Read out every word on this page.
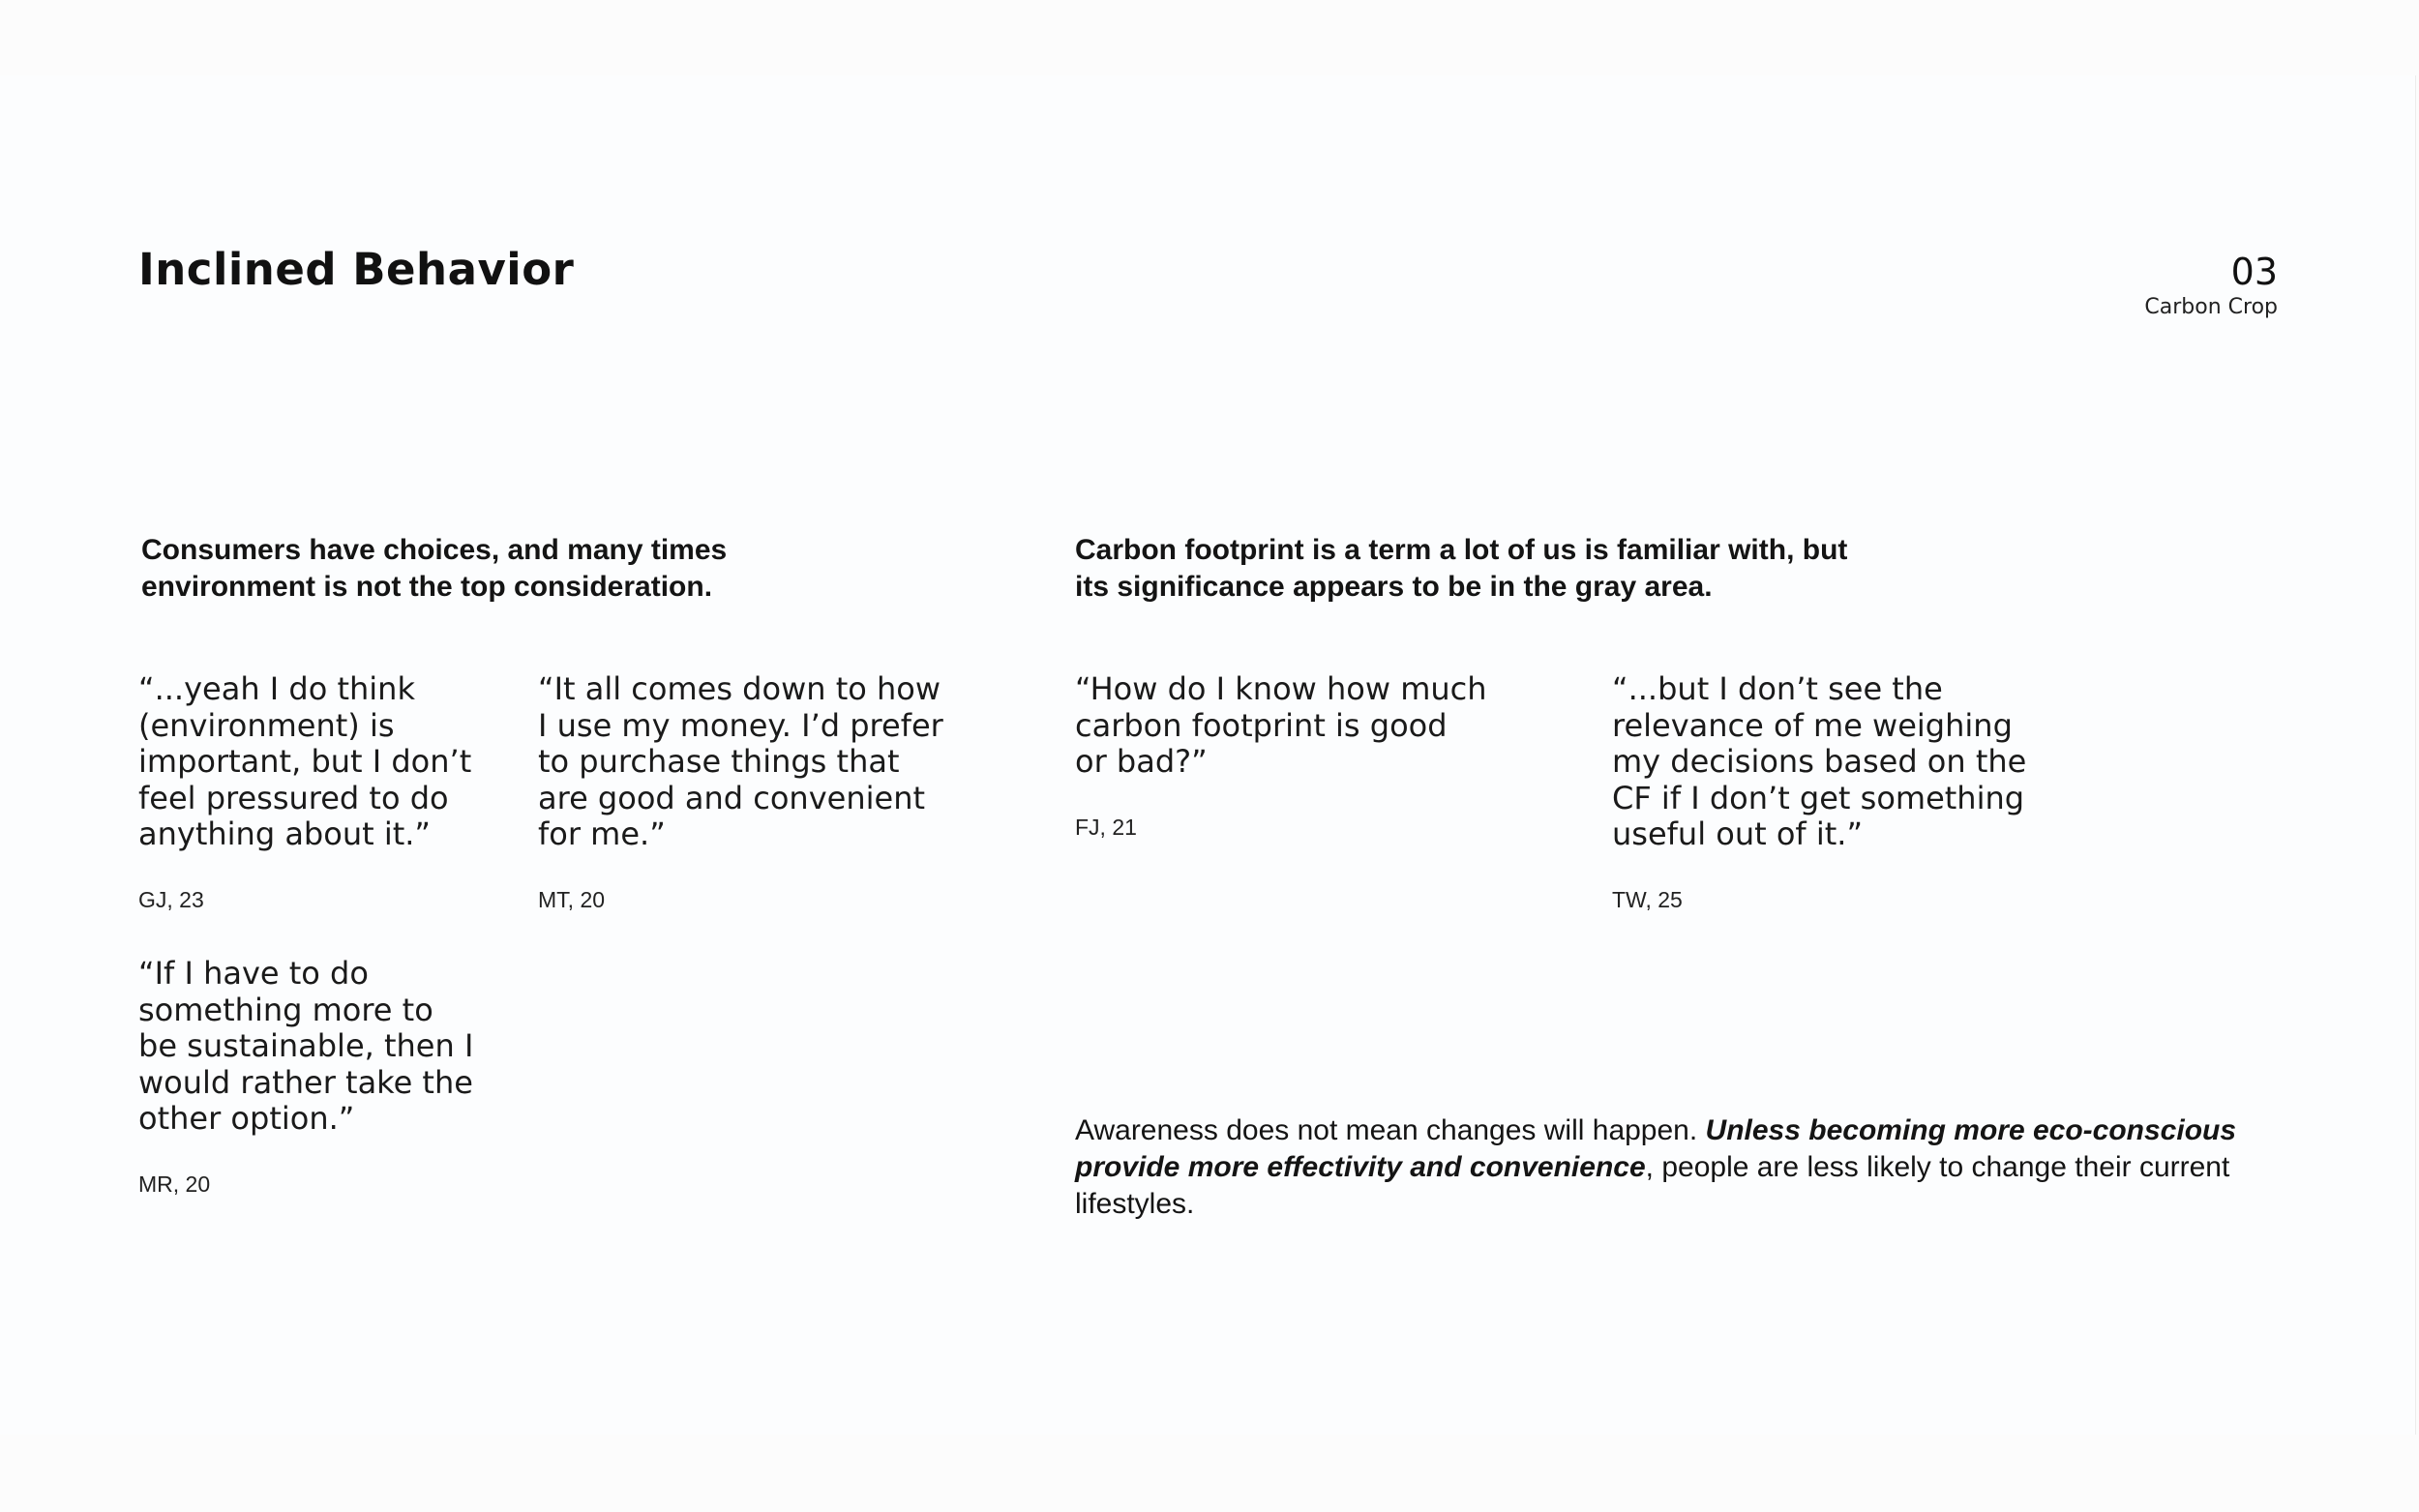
Inclined Behavior	03
Carbon Crop
Consumers have choices, and many times
environment is not the top consideration.

“...yeah I do think
(environment) is
important, but I don’t
feel pressured to do
anything about it.”

GJ, 23

“It all comes down to how
I use my money. I’d prefer
to purchase things that
are good and convenient
for me.”

MT, 20

“If I have to do
something more to
be sustainable, then I
would rather take the
other option.”

MR, 20

Carbon footprint is a term a lot of us is familiar with, but
its significance appears to be in the gray area.

“How do I know how much
carbon footprint is good
or bad?”

FJ, 21

“...but I don’t see the
relevance of me weighing
my decisions based on the
CF if I don’t get something
useful out of it.”

TW, 25

Awareness does not mean changes will happen. Unless becoming more eco-conscious provide more effectivity and convenience, people are less likely to change their current lifestyles.
